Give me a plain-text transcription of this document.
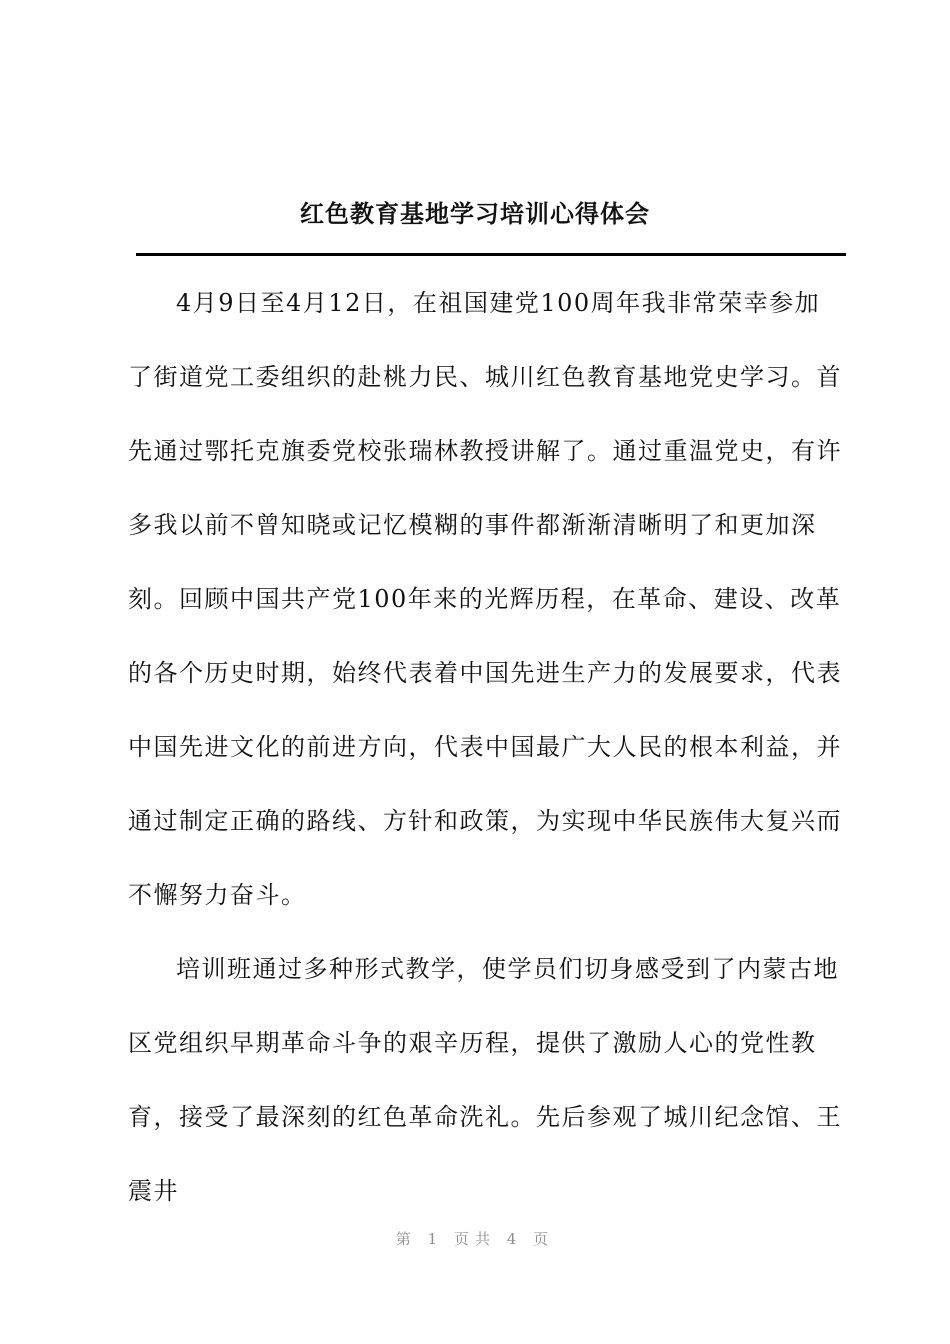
红色教育基地学习培训心得体会

4月9日至4月12日，在祖国建党100周年我非常荣幸参加了街道党工委组织的赴桃力民、城川红色教育基地党史学习。首先通过鄂托克旗委党校张瑞林教授讲解了。通过重温党史，有许多我以前不曾知晓或记忆模糊的事件都渐渐清晰明了和更加深刻。回顾中国共产党100年来的光辉历程，在革命、建设、改革的各个历史时期，始终代表着中国先进生产力的发展要求，代表中国先进文化的前进方向，代表中国最广大人民的根本利益，并通过制定正确的路线、方针和政策，为实现中华民族伟大复兴而不懈努力奋斗。

培训班通过多种形式教学，使学员们切身感受到了内蒙古地区党组织早期革命斗争的艰辛历程，提供了激励人心的党性教育，接受了最深刻的红色革命洗礼。先后参观了城川纪念馆、王震井

第 1 页共 4 页
